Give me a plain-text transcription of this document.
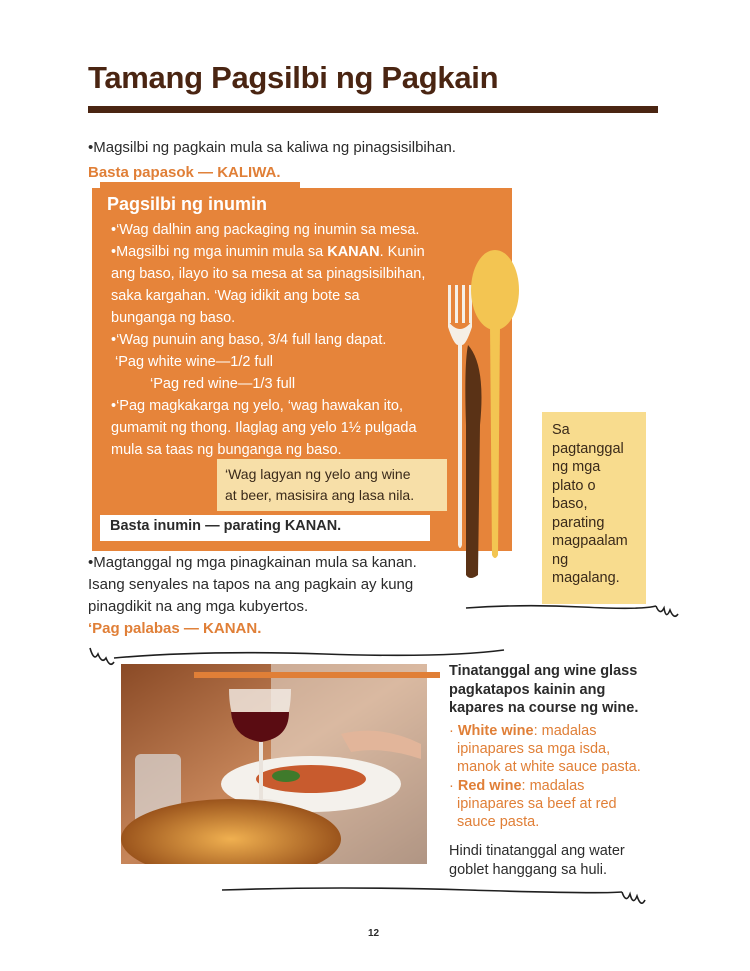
Tamang Pagsilbi ng Pagkain
•Magsilbi ng pagkain mula sa kaliwa ng pinagsisilbihan.
Basta papasok — KALIWA.
Pagsilbi ng inumin
•‘Wag dalhin ang packaging ng inumin sa mesa.
•Magsilbi ng mga inumin mula sa KANAN. Kunin
ang baso, ilayo ito sa mesa at sa pinagsisilbihan,
saka kargahan. ‘Wag idikit ang bote sa
bunganga ng baso.
•‘Wag punuin ang baso, 3/4 full lang dapat.
‘Pag white wine—1/2 full
‘Pag red wine—1/3 full
•‘Pag magkakarga ng yelo, ‘wag hawakan ito,
gumamit ng thong. Ilaglag ang yelo 1½ pulgada
mula sa taas ng bunganga ng baso.
‘Wag lagyan ng yelo ang wine
at beer, masisira ang lasa nila.
Basta inumin — parating KANAN.
Sa
pagtanggal
ng mga
plato o
baso,
parating
magpaalam
ng
magalang.
•Magtanggal ng mga pinagkainan mula sa kanan.
Isang senyales na tapos na ang pagkain ay kung
pinagdikit na ang mga kubyertos.
‘Pag palabas — KANAN.
Tinatanggal ang wine glass
pagkatapos kainin ang
kapares na course ng wine.
· White wine: madalas
ipinapares sa mga isda,
manok at white sauce pasta.
· Red wine: madalas
ipinapares sa beef at red
sauce pasta.
Hindi tinatanggal ang water
goblet hanggang sa huli.
12
